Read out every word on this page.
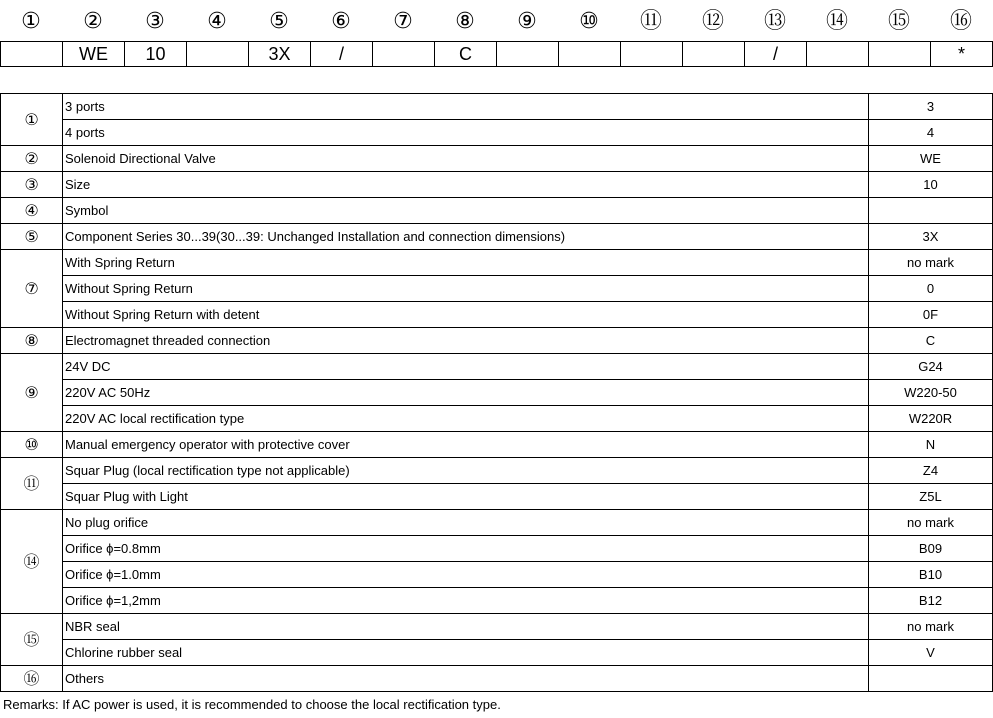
①	②	③	④	⑤	⑥	⑦	⑧	⑨	⑩	⑪	⑫	⑬	⑭	⑮	⑯
	WE	10		3X	/		C					/			*
①	3 ports	3
	4 ports	4
②	Solenoid Directional Valve	WE
③	Size	10
④	Symbol	
⑤	Component Series 30...39(30...39: Unchanged Installation and connection dimensions)	3X
⑦	With Spring Return	no mark
	Without Spring Return	0
	Without Spring Return with detent	0F
⑧	Electromagnet threaded connection	C
⑨	24V DC	G24
	220V AC 50Hz	W220-50
	220V AC local rectification type	W220R
⑩	Manual emergency operator with protective cover	N
⑪	Squar Plug (local rectification type not applicable)	Z4
	Squar Plug with Light	Z5L
⑭	No plug orifice	no mark
	Orifice ϕ=0.8mm	B09
	Orifice ϕ=1.0mm	B10
	Orifice ϕ=1,2mm	B12
⑮	NBR seal	no mark
	Chlorine rubber seal	V
⑯	Others	
Remarks: If AC power is used, it is recommended to choose the local rectification type.
